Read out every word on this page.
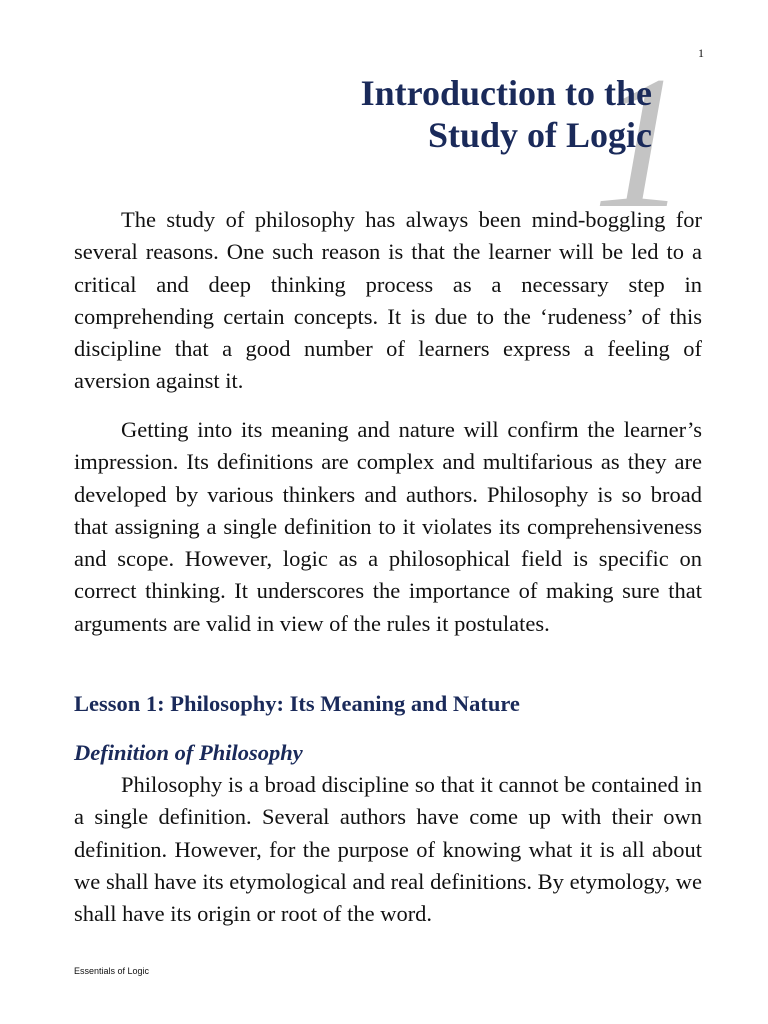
1
1
Introduction to the
Study of Logic

The study of philosophy has always been mind-boggling for several reasons. One such reason is that the learner will be led to a critical and deep thinking process as a necessary step in comprehending certain concepts. It is due to the ‘rudeness’ of this discipline that a good number of learners express a feeling of aversion against it.

Getting into its meaning and nature will confirm the learner’s impression. Its definitions are complex and multifarious as they are developed by various thinkers and authors. Philosophy is so broad that assigning a single definition to it violates its comprehensiveness and scope. However, logic as a philosophical field is specific on correct thinking. It underscores the importance of making sure that arguments are valid in view of the rules it postulates.

Lesson 1: Philosophy: Its Meaning and Nature
Definition of Philosophy

Philosophy is a broad discipline so that it cannot be contained in a single definition. Several authors have come up with their own definition. However, for the purpose of knowing what it is all about we shall have its etymological and real definitions. By etymology, we shall have its origin or root of the word.

Essentials of Logic
